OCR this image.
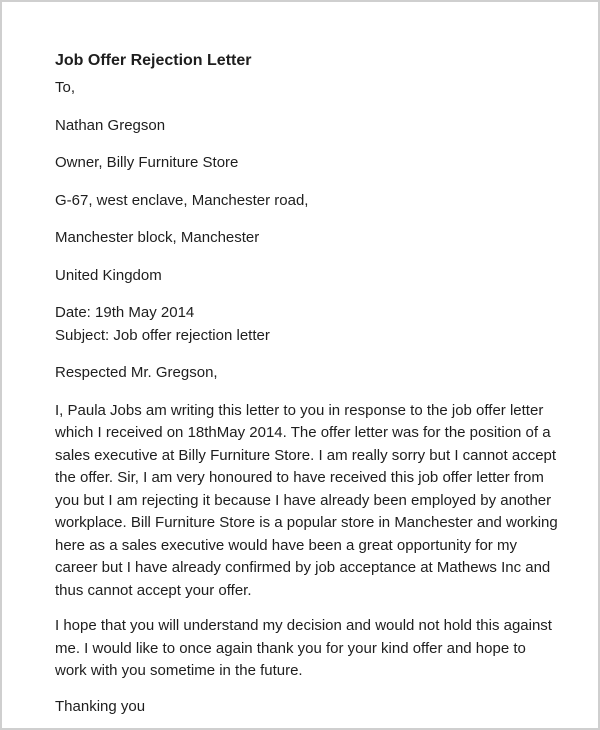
Job Offer Rejection Letter

To,

Nathan Gregson

Owner, Billy Furniture Store

G-67, west enclave, Manchester road,

Manchester block, Manchester

United Kingdom

Date: 19th May 2014

Subject: Job offer rejection letter

Respected Mr. Gregson,

I, Paula Jobs am writing this letter to you in response to the job offer letter which I received on 18thMay 2014. The offer letter was for the position of a sales executive at Billy Furniture Store. I am really sorry but I cannot accept the offer. Sir, I am very honoured to have received this job offer letter from you but I am rejecting it because I have already been employed by another workplace. Bill Furniture Store is a popular store in Manchester and working here as a sales executive would have been a great opportunity for my career but I have already confirmed by job acceptance at Mathews Inc and thus cannot accept your offer.

I hope that you will understand my decision and would not hold this against me. I would like to once again thank you for your kind offer and hope to work with you sometime in the future.

Thanking you
